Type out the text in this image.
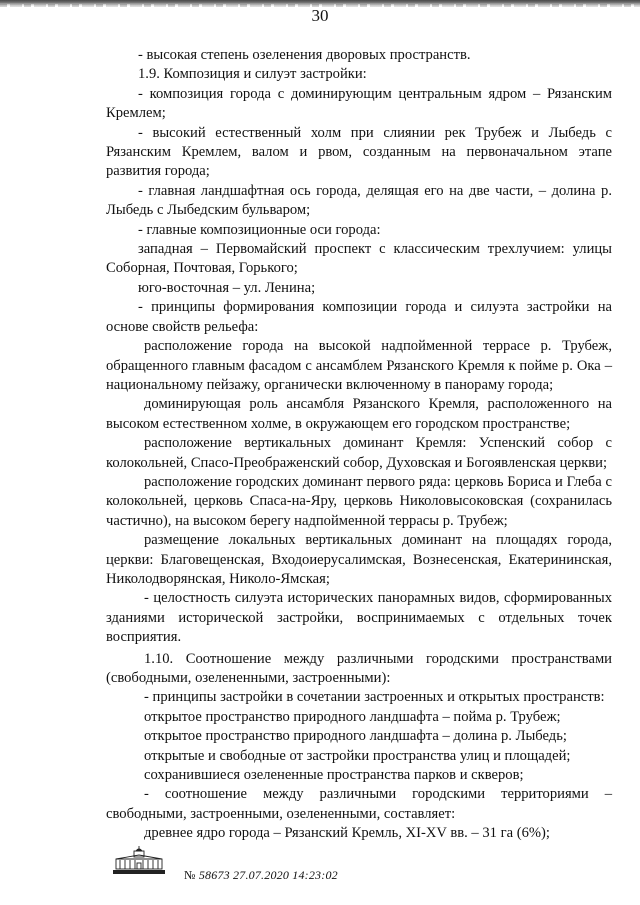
30

- высокая степень озеленения дворовых пространств.

1.9. Композиция и силуэт застройки:

- композиция города с доминирующим центральным ядром – Рязанским Кремлем;

- высокий естественный холм при слиянии рек Трубеж и Лыбедь с Рязанским Кремлем, валом и рвом, созданным на первоначальном этапе развития города;

- главная ландшафтная ось города, делящая его на две части, – долина р. Лыбедь с Лыбедским бульваром;

- главные композиционные оси города:

западная – Первомайский проспект с классическим трехлучием: улицы Соборная, Почтовая, Горького;

юго-восточная – ул. Ленина;

- принципы формирования композиции города и силуэта застройки на основе свойств рельефа:

расположение города на высокой надпойменной террасе р. Трубеж, обращенного главным фасадом с ансамблем Рязанского Кремля к пойме р. Ока – национальному пейзажу, органически включенному в панораму города;

доминирующая роль ансамбля Рязанского Кремля, расположенного на высоком естественном холме, в окружающем его городском пространстве;

расположение вертикальных доминант Кремля: Успенский собор с колокольней, Спасо-Преображенский собор, Духовская и Богоявленская церкви;

расположение городских доминант первого ряда: церковь Бориса и Глеба с колокольней, церковь Спаса-на-Яру, церковь Николовысоковская (сохранилась частично), на высоком берегу надпойменной террасы р. Трубеж;

размещение локальных вертикальных доминант на площадях города, церкви: Благовещенская, Входоиерусалимская, Вознесенская, Екатерининская, Николодворянская, Николо-Ямская;

- целостность силуэта исторических панорамных видов, сформированных зданиями исторической застройки, воспринимаемых с отдельных точек восприятия.

1.10. Соотношение между различными городскими пространствами (свободными, озелененными, застроенными):

- принципы застройки в сочетании застроенных и открытых пространств:

открытое пространство природного ландшафта – пойма р. Трубеж;

открытое пространство природного ландшафта – долина р. Лыбедь;

открытые и свободные от застройки пространства улиц и площадей;

сохранившиеся озелененные пространства парков и скверов;

- соотношение между различными городскими территориями – свободными, застроенными, озелененными, составляет:

древнее ядро города – Рязанский Кремль, XI-XV вв. – 31 га (6%);

№ 58673 27.07.2020 14:23:02
